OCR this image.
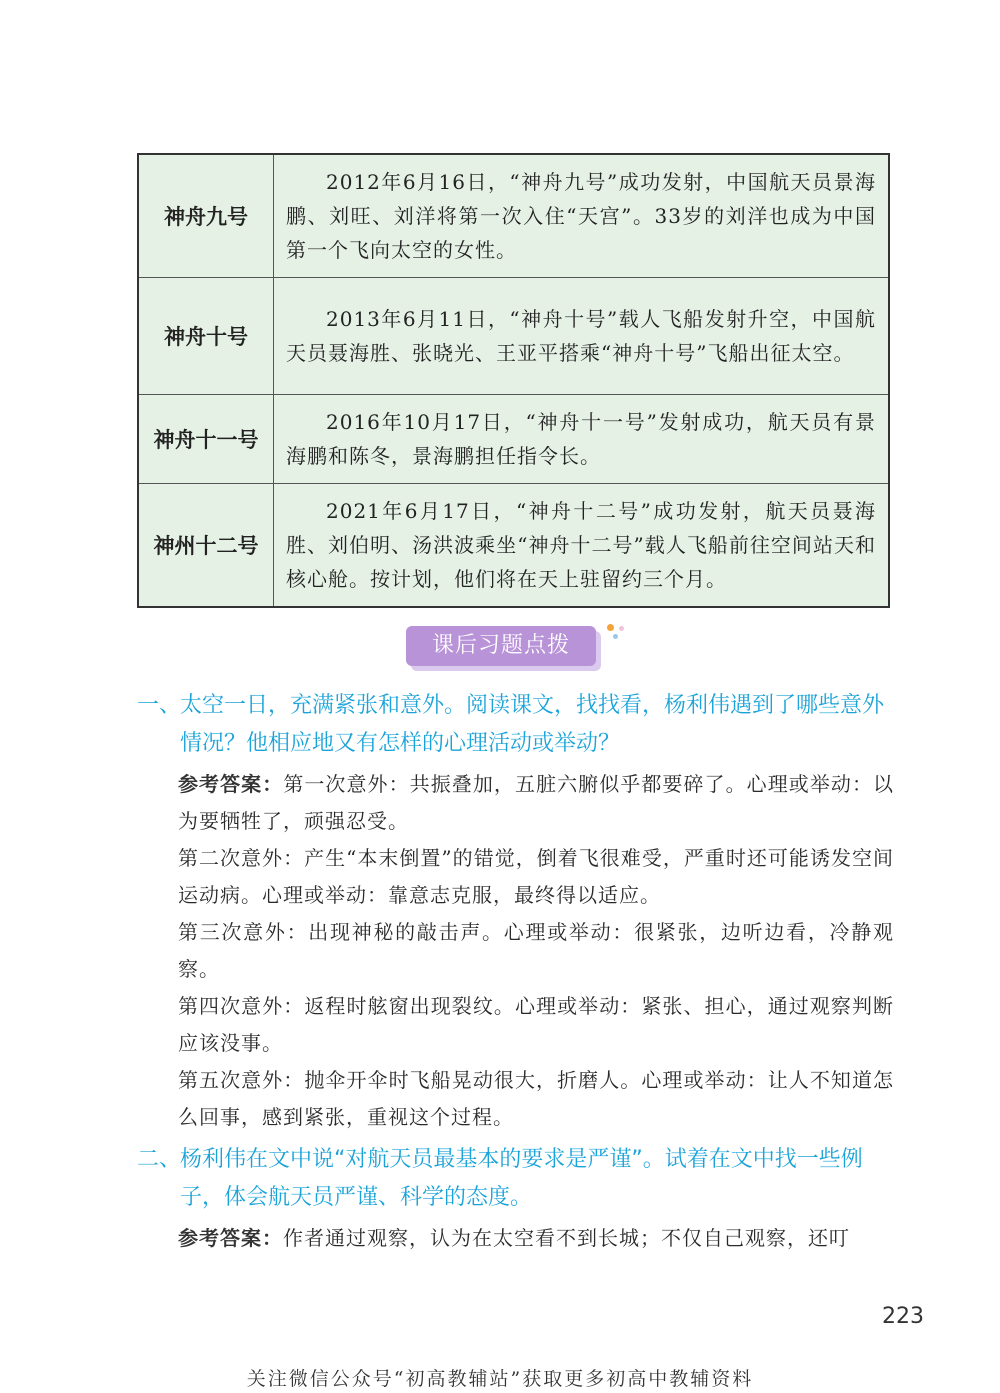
神舟九号	2012年6月16日，“神舟九号”成功发射，中国航天员景海鹏、刘旺、刘洋将第一次入住“天宫”。33岁的刘洋也成为中国第一个飞向太空的女性。
神舟十号	2013年6月11日，“神舟十号”载人飞船发射升空，中国航天员聂海胜、张晓光、王亚平搭乘“神舟十号”飞船出征太空。
神舟十一号	2016年10月17日，“神舟十一号”发射成功，航天员有景海鹏和陈冬，景海鹏担任指令长。
神州十二号	2021年6月17日，“神舟十二号”成功发射，航天员聂海胜、刘伯明、汤洪波乘坐“神舟十二号”载人飞船前往空间站天和核心舱。按计划，他们将在天上驻留约三个月。
课后习题点拨
一、
太空一日，充满紧张和意外。阅读课文，找找看，杨利伟遇到了哪些意外情况？他相应地又有怎样的心理活动或举动？

参考答案：第一次意外：共振叠加，五脏六腑似乎都要碎了。心理或举动：以为要牺牲了，顽强忍受。

第二次意外：产生“本末倒置”的错觉，倒着飞很难受，严重时还可能诱发空间运动病。心理或举动：靠意志克服，最终得以适应。

第三次意外：出现神秘的敲击声。心理或举动：很紧张，边听边看，冷静观察。

第四次意外：返程时舷窗出现裂纹。心理或举动：紧张、担心，通过观察判断应该没事。

第五次意外：抛伞开伞时飞船晃动很大，折磨人。心理或举动：让人不知道怎么回事，感到紧张，重视这个过程。

二、
杨利伟在文中说“对航天员最基本的要求是严谨”。试着在文中找一些例子，体会航天员严谨、科学的态度。

参考答案：作者通过观察，认为在太空看不到长城；不仅自己观察，还叮

223
关注微信公众号“初高教辅站”获取更多初高中教辅资料
